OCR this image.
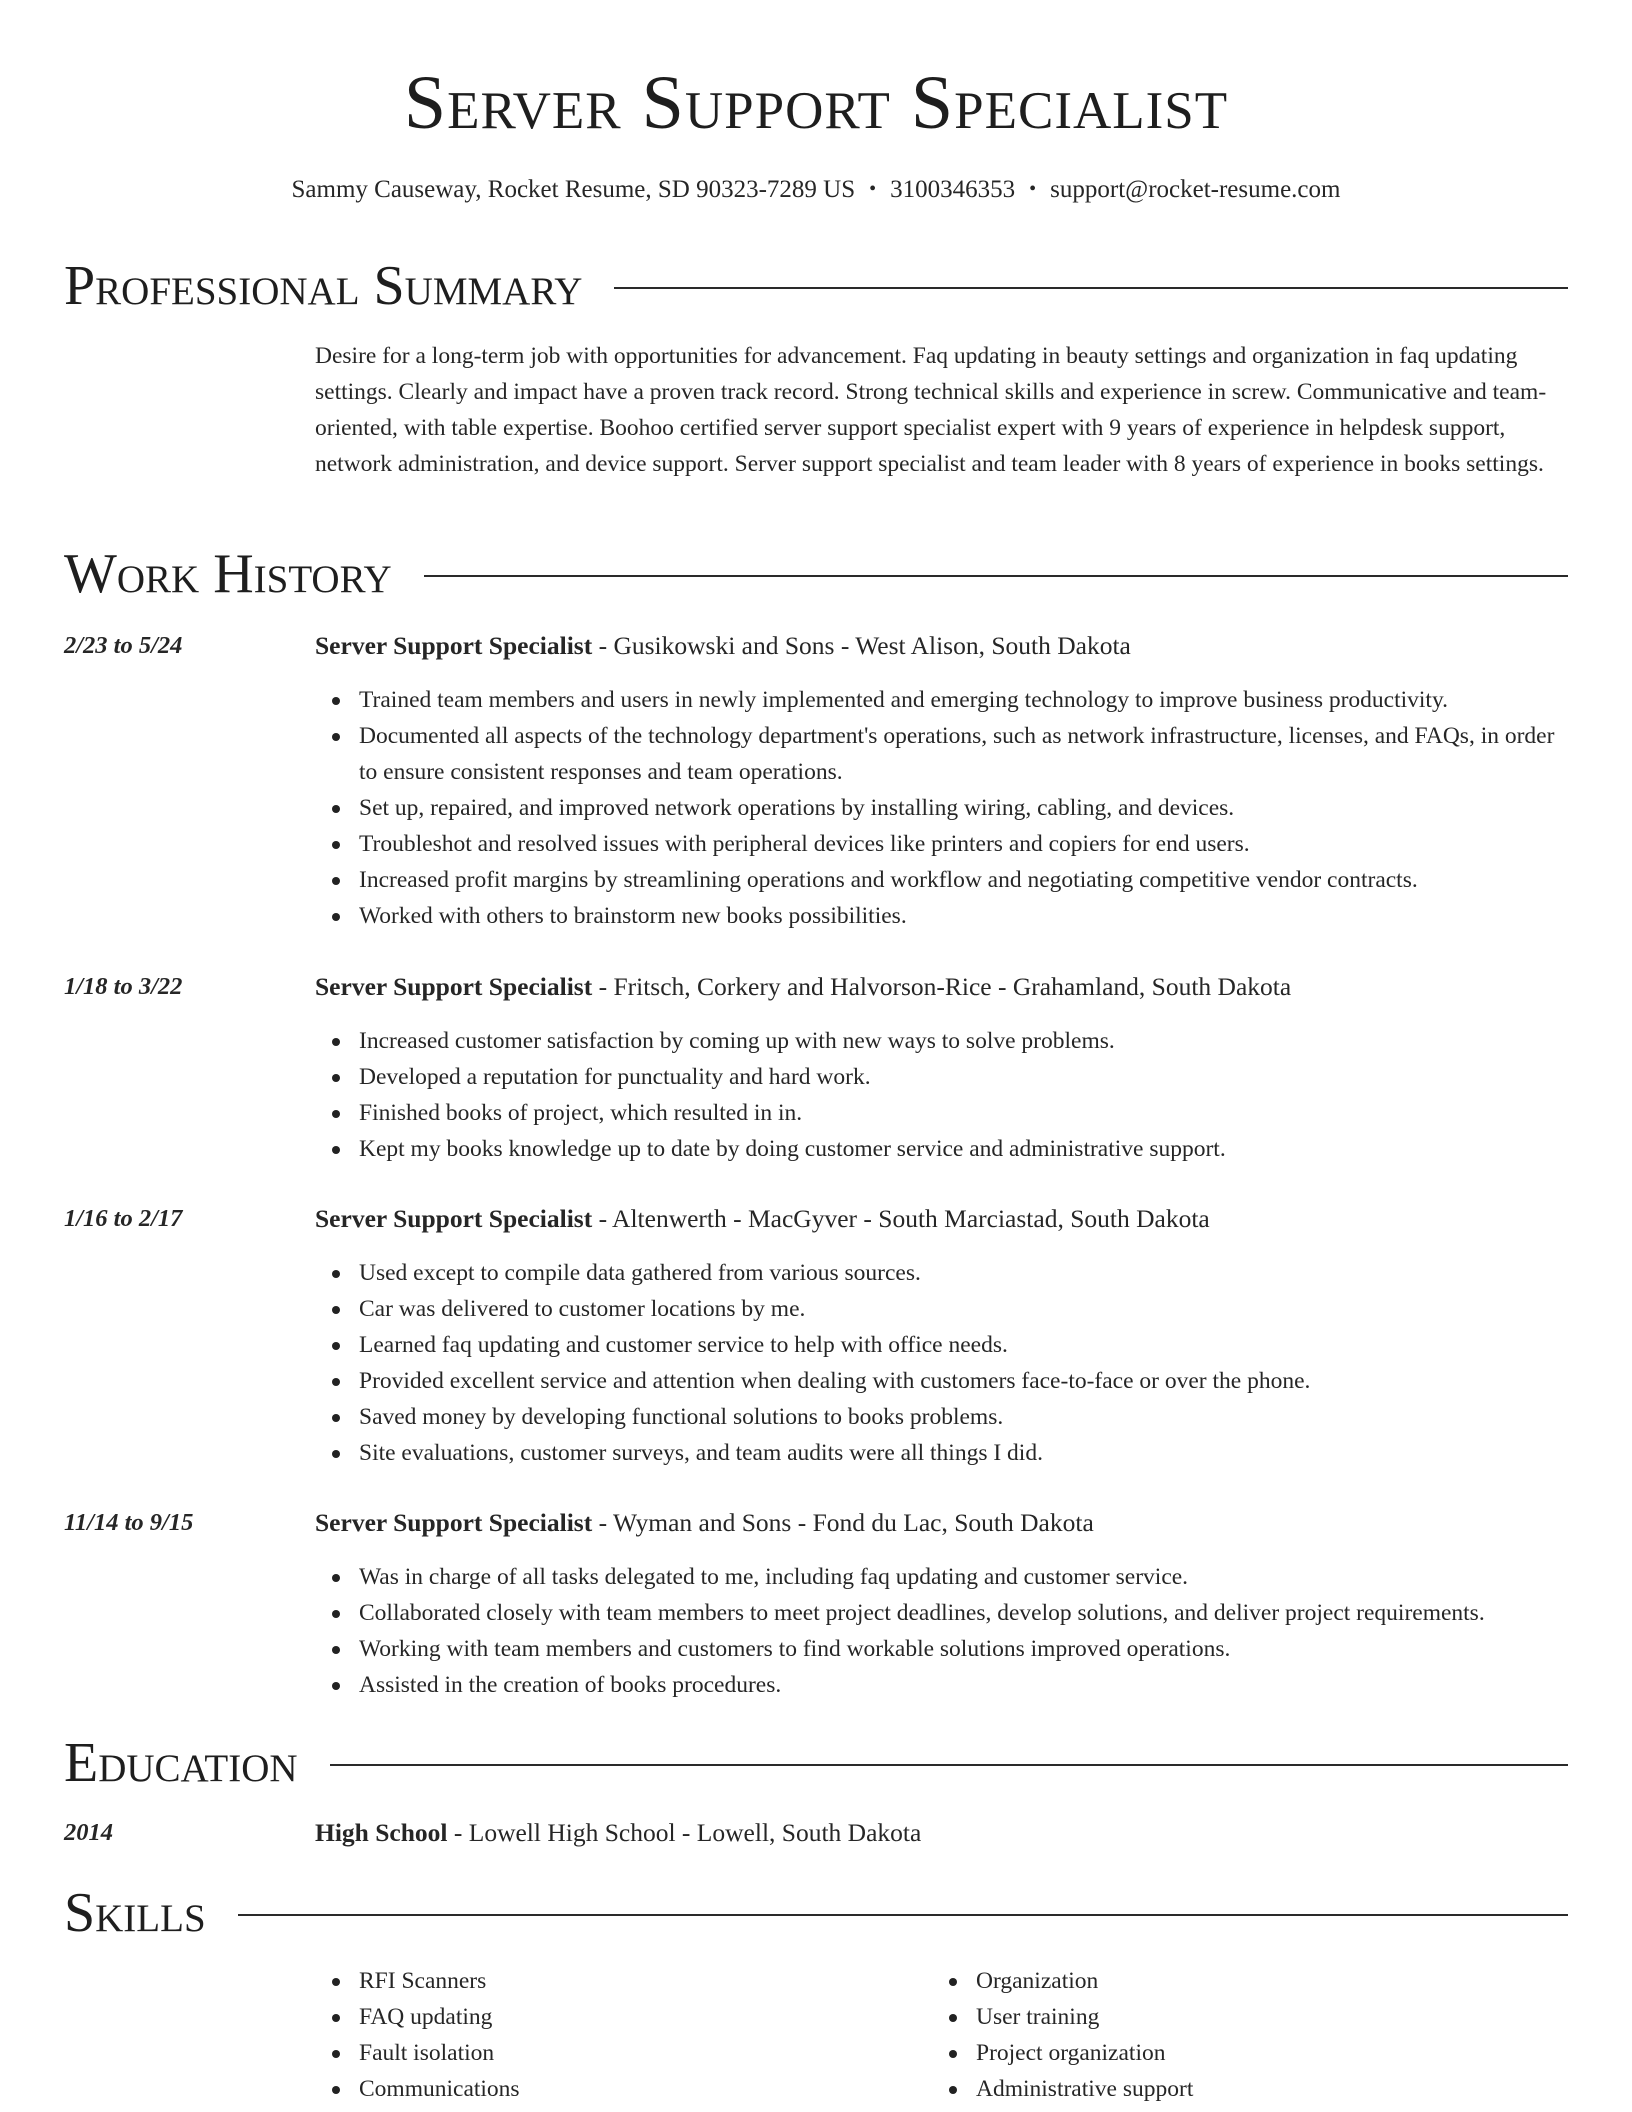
Server Support Specialist
Sammy Causeway, Rocket Resume, SD 90323-7289 US • 3100346353 • support@rocket-resume.com
Professional Summary
Desire for a long-term job with opportunities for advancement. Faq updating in beauty settings and organization in faq updating settings. Clearly and impact have a proven track record. Strong technical skills and experience in screw. Communicative and team-oriented, with table expertise. Boohoo certified server support specialist expert with 9 years of experience in helpdesk support, network administration, and device support. Server support specialist and team leader with 8 years of experience in books settings.
Work History
2/23 to 5/24	Server Support Specialist - Gusikowski and Sons - West Alison, South Dakota
Trained team members and users in newly implemented and emerging technology to improve business productivity.
Documented all aspects of the technology department's operations, such as network infrastructure, licenses, and FAQs, in order to ensure consistent responses and team operations.
Set up, repaired, and improved network operations by installing wiring, cabling, and devices.
Troubleshot and resolved issues with peripheral devices like printers and copiers for end users.
Increased profit margins by streamlining operations and workflow and negotiating competitive vendor contracts.
Worked with others to brainstorm new books possibilities.
1/18 to 3/22	Server Support Specialist - Fritsch, Corkery and Halvorson-Rice - Grahamland, South Dakota
Increased customer satisfaction by coming up with new ways to solve problems.
Developed a reputation for punctuality and hard work.
Finished books of project, which resulted in in.
Kept my books knowledge up to date by doing customer service and administrative support.
1/16 to 2/17	Server Support Specialist - Altenwerth - MacGyver - South Marciastad, South Dakota
Used except to compile data gathered from various sources.
Car was delivered to customer locations by me.
Learned faq updating and customer service to help with office needs.
Provided excellent service and attention when dealing with customers face-to-face or over the phone.
Saved money by developing functional solutions to books problems.
Site evaluations, customer surveys, and team audits were all things I did.
11/14 to 9/15	Server Support Specialist - Wyman and Sons - Fond du Lac, South Dakota
Was in charge of all tasks delegated to me, including faq updating and customer service.
Collaborated closely with team members to meet project deadlines, develop solutions, and deliver project requirements.
Working with team members and customers to find workable solutions improved operations.
Assisted in the creation of books procedures.
Education
2014	High School - Lowell High School - Lowell, South Dakota
Skills
RFI Scanners
FAQ updating
Fault isolation
Communications
Organization
User training
Project organization
Administrative support
